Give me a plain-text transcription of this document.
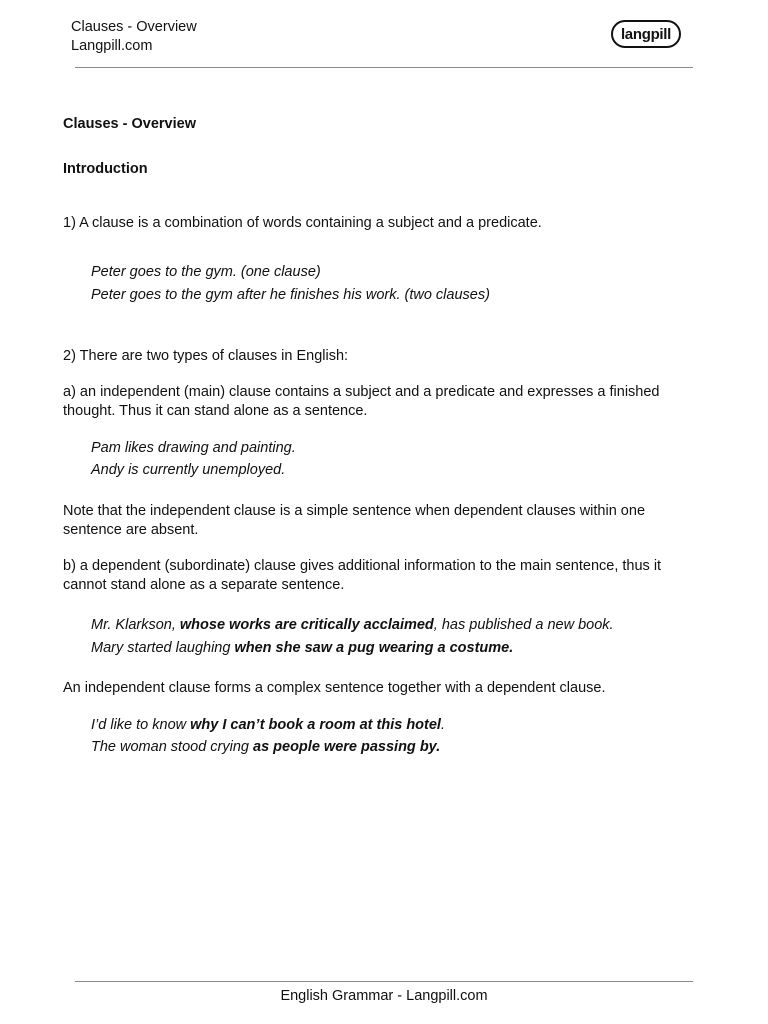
Clauses - Overview
Langpill.com
langpill
Clauses - Overview
Introduction
1) A clause is a combination of words containing a subject and a predicate.
Peter goes to the gym. (one clause)
Peter goes to the gym after he finishes his work. (two clauses)
2) There are two types of clauses in English:
a) an independent (main) clause contains a subject and a predicate and expresses a finished thought. Thus it can stand alone as a sentence.
Pam likes drawing and painting.
Andy is currently unemployed.
Note that the independent clause is a simple sentence when dependent clauses within one sentence are absent.
b) a dependent (subordinate) clause gives additional information to the main sentence, thus it cannot stand alone as a separate sentence.
Mr. Klarkson, whose works are critically acclaimed, has published a new book.
Mary started laughing when she saw a pug wearing a costume.
An independent clause forms a complex sentence together with a dependent clause.
I’d like to know why I can’t book a room at this hotel.
The woman stood crying as people were passing by.
English Grammar - Langpill.com
